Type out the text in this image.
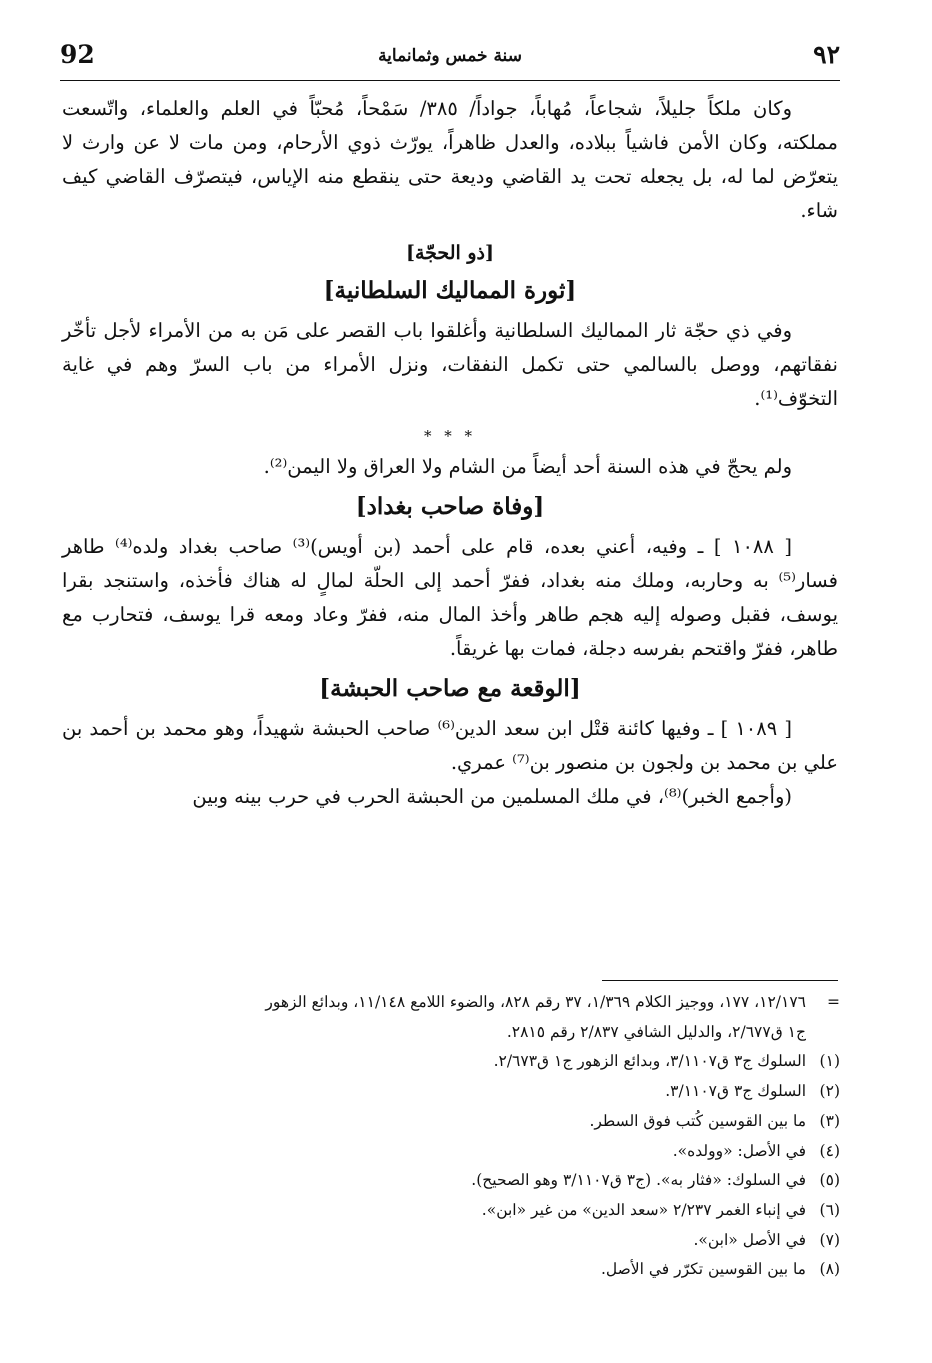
92	سنة خمس وثمانماية	٩٢

وكان ملكاً جليلاً، شجاعاً، مُهاباً، جواداً/ ٣٨٥/ سَمْحاً، مُحبّاً في العلم والعلماء، واتّسعت مملكته، وكان الأمن فاشياً ببلاده، والعدل ظاهراً، يورّث ذوي الأرحام، ومن مات لا عن وارث لا يتعرّض لما له، بل يجعله تحت يد القاضي وديعة حتى ينقطع منه الإياس، فيتصرّف القاضي كيف شاء.

[ذو الحجّة]
[ثورة المماليك السلطانية]

وفي ذي حجّة ثار المماليك السلطانية وأغلقوا باب القصر على مَن به من الأمراء لأجل تأخّر نفقاتهم، ووصل بالسالمي حتى تكمل النفقات، ونزل الأمراء من باب السرّ وهم في غاية التخوّف⁽¹⁾.

* * *

ولم يحجّ في هذه السنة أحد أيضاً من الشام ولا العراق ولا اليمن⁽²⁾.

[وفاة صاحب بغداد]

[ ١٠٨٨ ] ـ وفيه، أعني بعده، قام على أحمد (بن أويس)⁽³⁾ صاحب بغداد ولده⁽⁴⁾ طاهر فسار⁽⁵⁾ به وحاربه، وملك منه بغداد، ففرّ أحمد إلى الحلّة لمالٍ له هناك فأخذه، واستنجد بقرا يوسف، فقبل وصوله إليه هجم طاهر وأخذ المال منه، ففرّ وعاد ومعه قرا يوسف، فتحارب مع طاهر، ففرّ واقتحم بفرسه دجلة، فمات بها غريقاً.

[الوقعة مع صاحب الحبشة]

[ ١٠٨٩ ] ـ وفيها كائنة قتْل ابن سعد الدين⁽⁶⁾ صاحب الحبشة شهيداً، وهو محمد بن أحمد بن علي بن محمد بن ولجون بن منصور بن⁽⁷⁾ عمري.

(وأجمع الخبر)⁽⁸⁾، في ملك المسلمين من الحبشة الحرب في حرب بينه وبين

=١٢/١٧٦، ١٧٧، ووجيز الكلام ١/٣٦٩، ٣٧ رقم ٨٢٨، والضوء اللامع ١١/١٤٨، وبدائع الزهور

ج١ ق٢/٦٧٧، والدليل الشافي ٢/٨٣٧ رقم ٢٨١٥.

(١)السلوك ج٣ ق٣/١١٠٧، وبدائع الزهور ج١ ق٢/٦٧٣.

(٢)السلوك ج٣ ق٣/١١٠٧.

(٣)ما بين القوسين كُتب فوق السطر.

(٤)في الأصل: «وولده».

(٥)في السلوك: «فثار به». (ج٣ ق٣/١١٠٧ وهو الصحيح).

(٦)في إنباء الغمر ٢/٢٣٧ «سعد الدين» من غير «ابن».

(٧)في الأصل «ابن».

(٨)ما بين القوسين تكرّر في الأصل.
